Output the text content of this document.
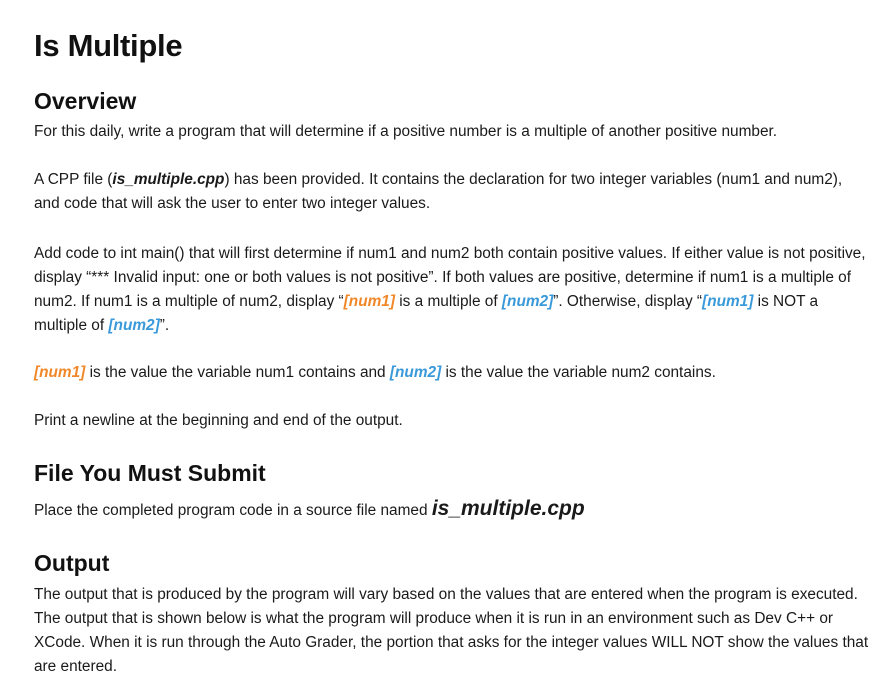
Is Multiple
Overview

For this daily, write a program that will determine if a positive number is a multiple of another positive number.

A CPP file (is_multiple.cpp) has been provided. It contains the declaration for two integer variables (num1 and num2), and code that will ask the user to enter two integer values.

Add code to int main() that will first determine if num1 and num2 both contain positive values. If either value is not positive, display “*** Invalid input: one or both values is not positive”. If both values are positive, determine if num1 is a multiple of num2. If num1 is a multiple of num2, display “[num1] is a multiple of [num2]”. Otherwise, display “[num1] is NOT a multiple of [num2]”.

[num1] is the value the variable num1 contains and [num2] is the value the variable num2 contains.

Print a newline at the beginning and end of the output.

File You Must Submit

Place the completed program code in a source file named is_multiple.cpp

Output

The output that is produced by the program will vary based on the values that are entered when the program is executed. The output that is shown below is what the program will produce when it is run in an environment such as Dev C++ or XCode. When it is run through the Auto Grader, the portion that asks for the integer values WILL NOT show the values that are entered.
